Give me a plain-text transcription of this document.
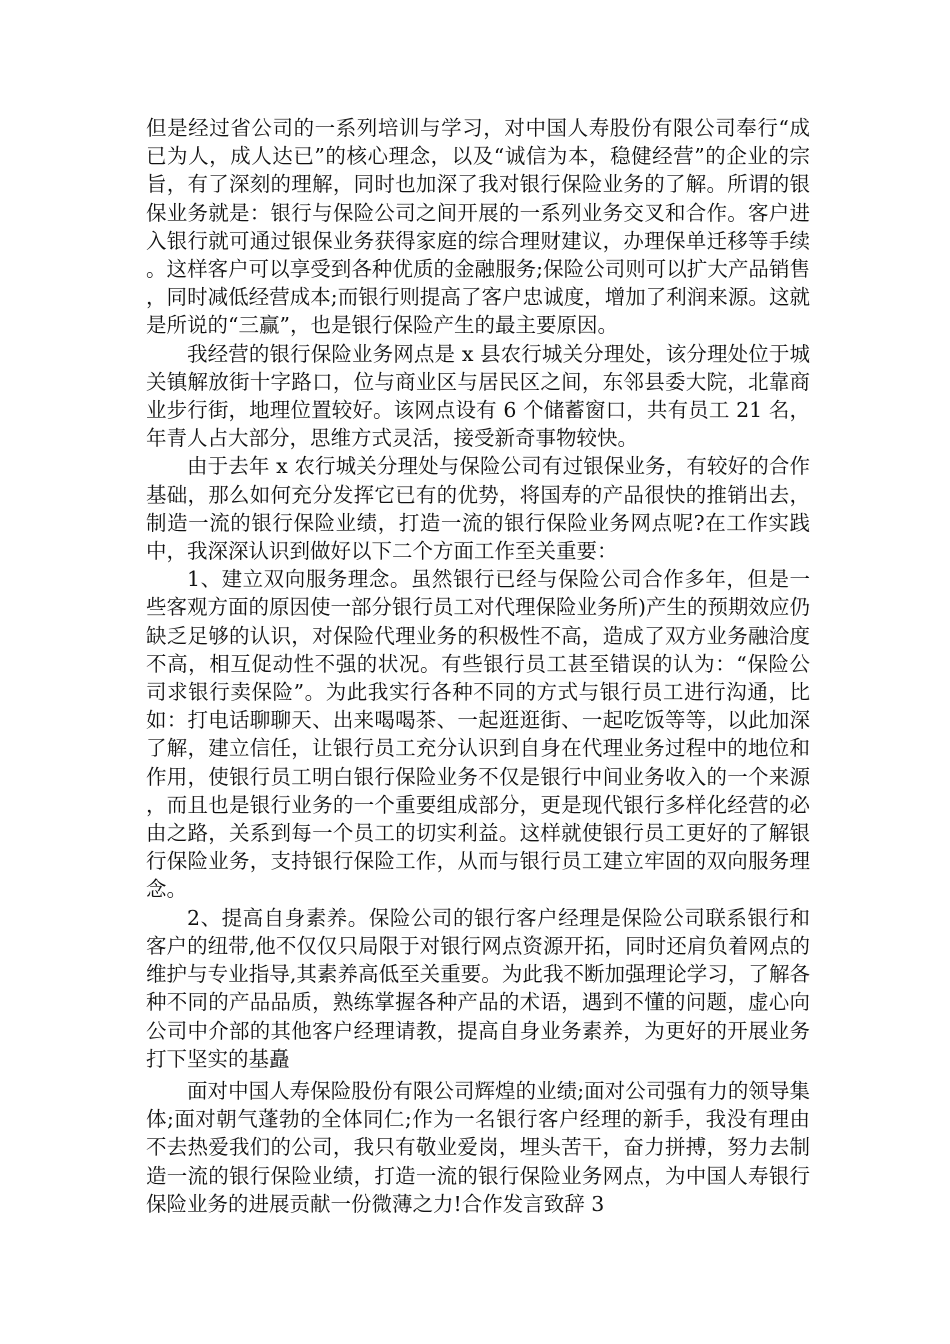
但是经过省公司的一系列培训与学习，对中国人寿股份有限公司奉行“成已为人，成人达已”的核心理念，以及“诚信为本，稳健经营”的企业的宗旨，有了深刻的理解，同时也加深了我对银行保险业务的了解。所谓的银保业务就是：银行与保险公司之间开展的一系列业务交叉和合作。客户进入银行就可通过银保业务获得家庭的综合理财建议，办理保单迁移等手续。这样客户可以享受到各种优质的金融服务;保险公司则可以扩大产品销售，同时减低经营成本;而银行则提高了客户忠诚度，增加了利润来源。这就是所说的“三赢”，也是银行保险产生的最主要原因。

我经营的银行保险业务网点是 x 县农行城关分理处，该分理处位于城关镇解放街十字路口，位与商业区与居民区之间，东邻县委大院，北靠商业步行街，地理位置较好。该网点设有 6 个储蓄窗口，共有员工 21 名，年青人占大部分，思维方式灵活，接受新奇事物较快。

由于去年 x 农行城关分理处与保险公司有过银保业务，有较好的合作基础，那么如何充分发挥它已有的优势，将国寿的产品很快的推销出去，制造一流的银行保险业绩，打造一流的银行保险业务网点呢?在工作实践中，我深深认识到做好以下二个方面工作至关重要：

1、建立双向服务理念。虽然银行已经与保险公司合作多年，但是一些客观方面的原因使一部分银行员工对代理保险业务所)产生的预期效应仍缺乏足够的认识，对保险代理业务的积极性不高，造成了双方业务融洽度不高，相互促动性不强的状况。有些银行员工甚至错误的认为：“保险公司求银行卖保险”。为此我实行各种不同的方式与银行员工进行沟通，比如：打电话聊聊天、出来喝喝茶、一起逛逛街、一起吃饭等等，以此加深了解，建立信任，让银行员工充分认识到自身在代理业务过程中的地位和作用，使银行员工明白银行保险业务不仅是银行中间业务收入的一个来源，而且也是银行业务的一个重要组成部分，更是现代银行多样化经营的必由之路，关系到每一个员工的切实利益。这样就使银行员工更好的了解银行保险业务，支持银行保险工作，从而与银行员工建立牢固的双向服务理念。

2、提高自身素养。保险公司的银行客户经理是保险公司联系银行和客户的纽带,他不仅仅只局限于对银行网点资源开拓，同时还肩负着网点的维护与专业指导,其素养高低至关重要。为此我不断加强理论学习，了解各种不同的产品品质，熟练掌握各种产品的术语，遇到不懂的问题，虚心向公司中介部的其他客户经理请教，提高自身业务素养，为更好的开展业务打下坚实的基矗

面对中国人寿保险股份有限公司辉煌的业绩;面对公司强有力的领导集体;面对朝气蓬勃的全体同仁;作为一名银行客户经理的新手，我没有理由不去热爱我们的公司，我只有敬业爱岗，埋头苦干，奋力拼搏，努力去制造一流的银行保险业绩，打造一流的银行保险业务网点，为中国人寿银行保险业务的进展贡献一份微薄之力!合作发言致辞 3
